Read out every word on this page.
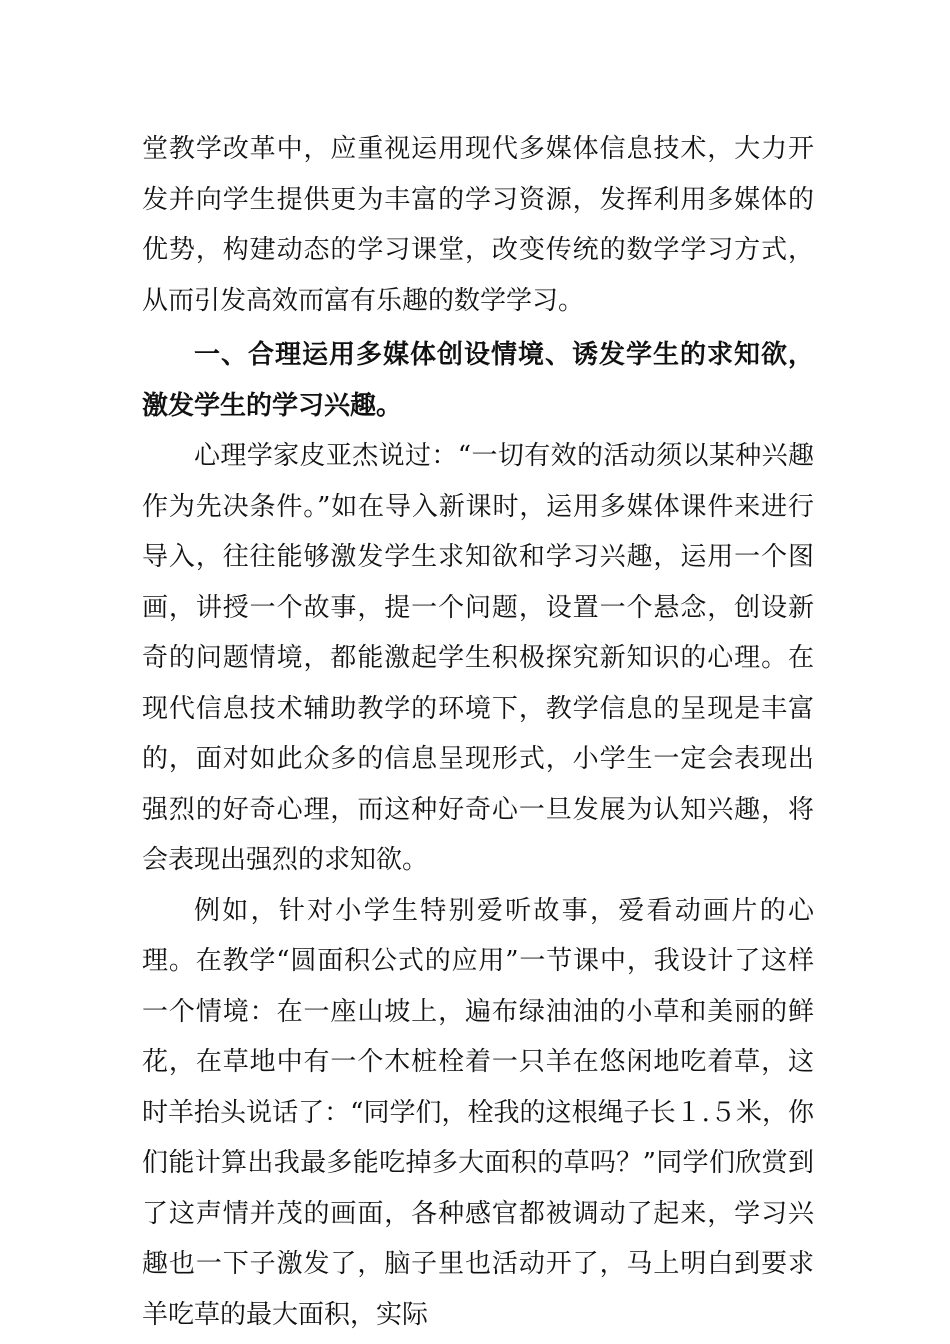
堂教学改革中，应重视运用现代多媒体信息技术，大力开发并向学生提供更为丰富的学习资源，发挥利用多媒体的优势，构建动态的学习课堂，改变传统的数学学习方式，从而引发高效而富有乐趣的数学学习。

一、合理运用多媒体创设情境、诱发学生的求知欲，激发学生的学习兴趣。

心理学家皮亚杰说过：“一切有效的活动须以某种兴趣作为先决条件。”如在导入新课时，运用多媒体课件来进行导入，往往能够激发学生求知欲和学习兴趣，运用一个图画，讲授一个故事，提一个问题，设置一个悬念，创设新奇的问题情境，都能激起学生积极探究新知识的心理。在现代信息技术辅助教学的环境下，教学信息的呈现是丰富的，面对如此众多的信息呈现形式，小学生一定会表现出强烈的好奇心理，而这种好奇心一旦发展为认知兴趣，将会表现出强烈的求知欲。

例如，针对小学生特别爱听故事，爱看动画片的心理。在教学“圆面积公式的应用”一节课中，我设计了这样一个情境：在一座山坡上，遍布绿油油的小草和美丽的鲜花，在草地中有一个木桩栓着一只羊在悠闲地吃着草，这时羊抬头说话了：“同学们，栓我的这根绳子长１.５米，你们能计算出我最多能吃掉多大面积的草吗？”同学们欣赏到了这声情并茂的画面，各种感官都被调动了起来，学习兴趣也一下子激发了，脑子里也活动开了，马上明白到要求羊吃草的最大面积，实际
